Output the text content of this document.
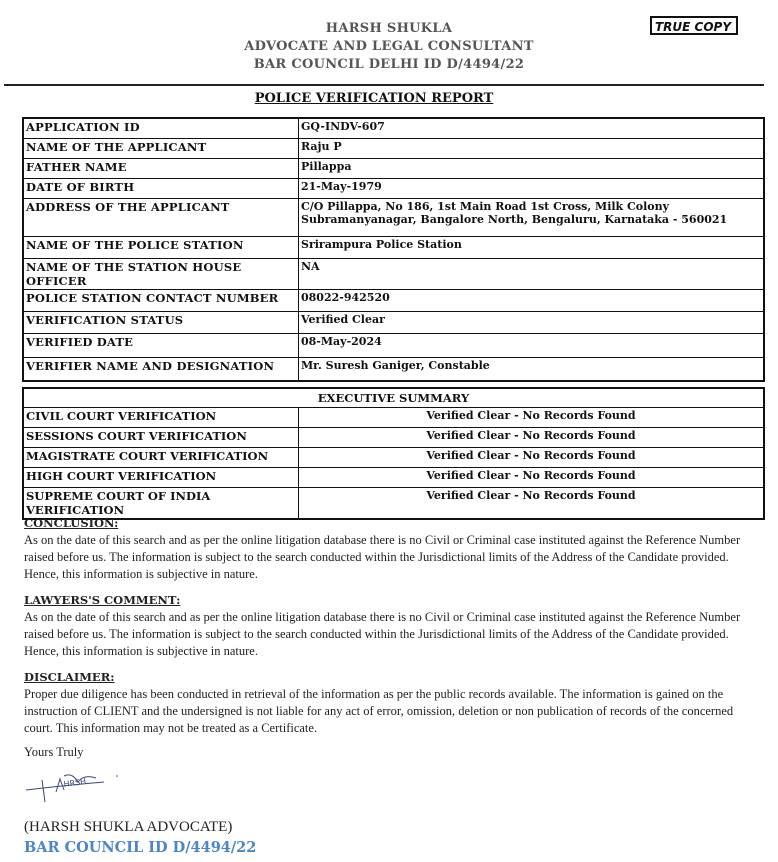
HARSH SHUKLA
ADVOCATE AND LEGAL CONSULTANT
BAR COUNCIL DELHI ID D/4494/22
TRUE COPY
POLICE VERIFICATION REPORT
APPLICATION ID	GQ-INDV-607
NAME OF THE APPLICANT	Raju P
FATHER NAME	Pillappa
DATE OF BIRTH	21-May-1979
ADDRESS OF THE APPLICANT	C/O Pillappa, No 186, 1st Main Road 1st Cross, Milk Colony Subramanyanagar, Bangalore North, Bengaluru, Karnataka - 560021
NAME OF THE POLICE STATION	Srirampura Police Station
NAME OF THE STATION HOUSE OFFICER	NA
POLICE STATION CONTACT NUMBER	08022-942520
VERIFICATION STATUS	Verified Clear
VERIFIED DATE	08-May-2024
VERIFIER NAME AND DESIGNATION	Mr. Suresh Ganiger, Constable
EXECUTIVE SUMMARY	
CIVIL COURT VERIFICATION	Verified Clear - No Records Found
SESSIONS COURT VERIFICATION	Verified Clear - No Records Found
MAGISTRATE COURT VERIFICATION	Verified Clear - No Records Found
HIGH COURT VERIFICATION	Verified Clear - No Records Found
SUPREME COURT OF INDIA VERIFICATION	Verified Clear - No Records Found
CONCLUSION:
As on the date of this search and as per the online litigation database there is no Civil or Criminal case instituted against the Reference Number raised before us. The information is subject to the search conducted within the Jurisdictional limits of the Address of the Candidate provided. Hence, this information is subjective in nature.
LAWYERS'S COMMENT:
As on the date of this search and as per the online litigation database there is no Civil or Criminal case instituted against the Reference Number raised before us. The information is subject to the search conducted within the Jurisdictional limits of the Address of the Candidate provided. Hence, this information is subjective in nature.
DISCLAIMER:
Proper due diligence has been conducted in retrieval of the information as per the public records available. The information is gained on the instruction of CLIENT and the undersigned is not liable for any act of error, omission, deletion or non publication of records of the concerned court. This information may not be treated as a Certificate.
Yours Truly
HRSH
(HARSH SHUKLA ADVOCATE)
BAR COUNCIL ID D/4494/22
